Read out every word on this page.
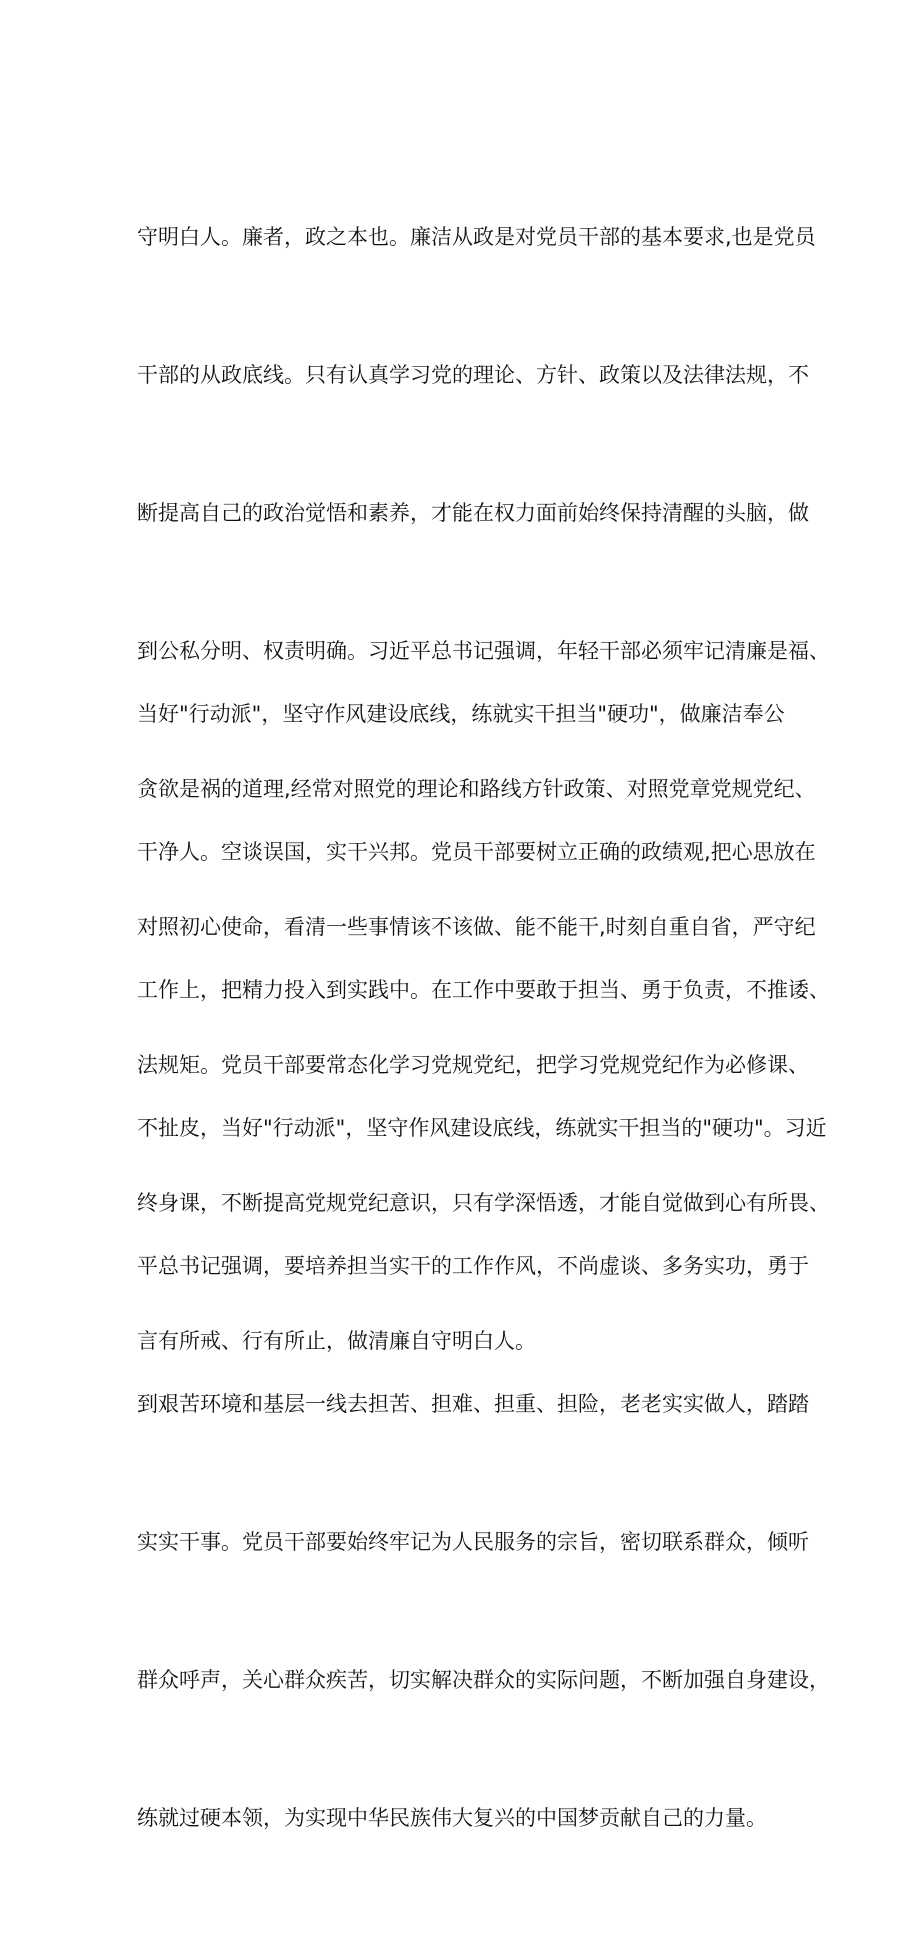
守明白人。廉者，政之本也。廉洁从政是对党员干部的基本要求,也是党员

干部的从政底线。只有认真学习党的理论、方针、政策以及法律法规，不

断提高自己的政治觉悟和素养，才能在权力面前始终保持清醒的头脑，做

到公私分明、权责明确。习近平总书记强调，年轻干部必须牢记清廉是福、

贪欲是祸的道理,经常对照党的理论和路线方针政策、对照党章党规党纪、

对照初心使命，看清一些事情该不该做、能不能干,时刻自重自省，严守纪

法规矩。党员干部要常态化学习党规党纪，把学习党规党纪作为必修课、

终身课，不断提高党规党纪意识，只有学深悟透，才能自觉做到心有所畏、

言有所戒、行有所止，做清廉自守明白人。

当好"行动派"，坚守作风建设底线，练就实干担当"硬功"，做廉洁奉公

干净人。空谈误国，实干兴邦。党员干部要树立正确的政绩观,把心思放在

工作上，把精力投入到实践中。在工作中要敢于担当、勇于负责，不推诿、

不扯皮，当好"行动派"，坚守作风建设底线，练就实干担当的"硬功"。习近

平总书记强调，要培养担当实干的工作作风，不尚虚谈、多务实功，勇于

到艰苦环境和基层一线去担苦、担难、担重、担险，老老实实做人，踏踏

实实干事。党员干部要始终牢记为人民服务的宗旨，密切联系群众，倾听

群众呼声，关心群众疾苦，切实解决群众的实际问题，不断加强自身建设，

练就过硬本领，为实现中华民族伟大复兴的中国梦贡献自己的力量。
